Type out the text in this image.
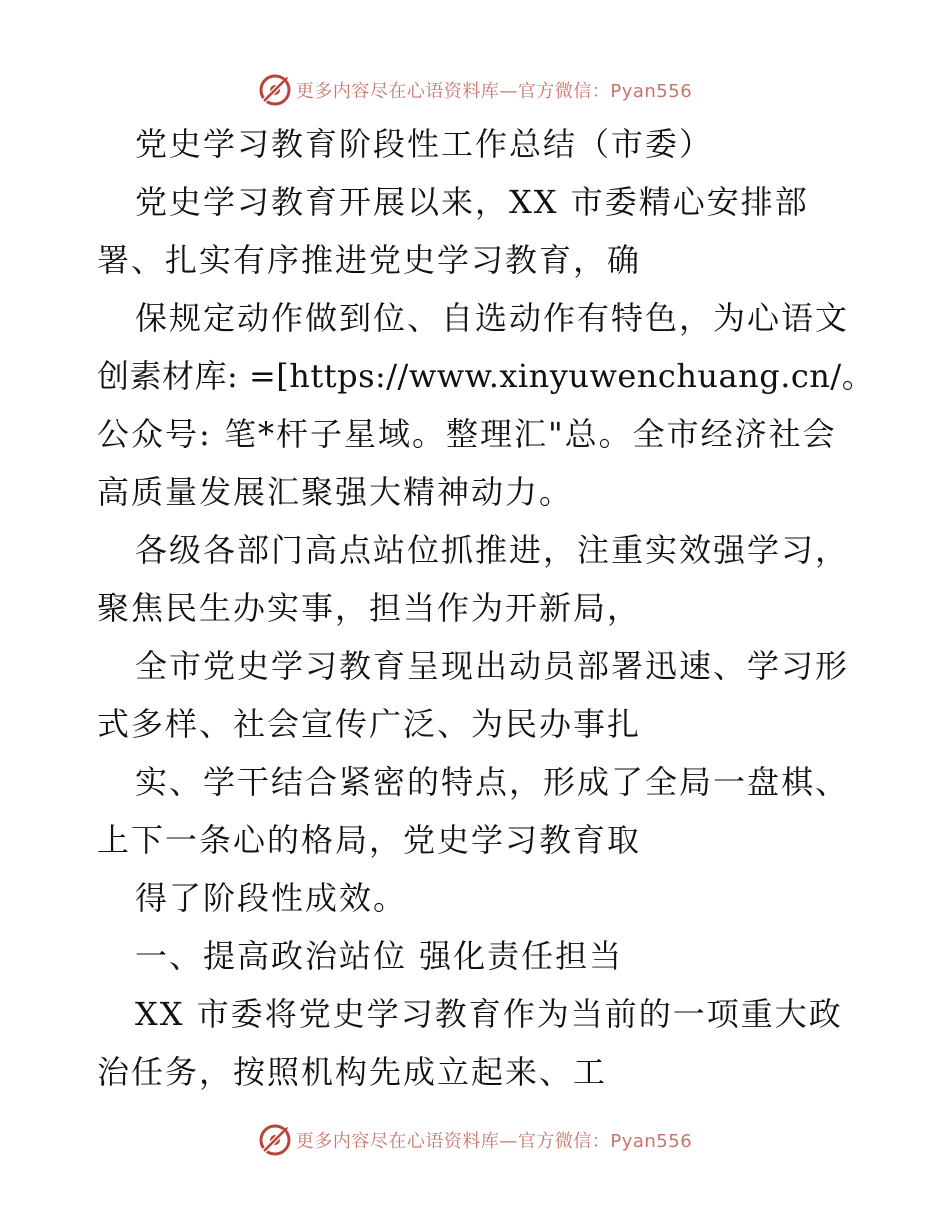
更多内容尽在心语资料库—官方微信：Pyan556
党史学习教育阶段性工作总结（市委）
党史学习教育开展以来，XX 市委精心安排部
署、扎实有序推进党史学习教育，确
保规定动作做到位、自选动作有特色，为心语文
创素材库: =[https://www.xinyuwenchuang.cn/。
公众号: 笔*杆子星域。整理汇"总。全市经济社会
高质量发展汇聚强大精神动力。
各级各部门高点站位抓推进，注重实效强学习，
聚焦民生办实事，担当作为开新局，
全市党史学习教育呈现出动员部署迅速、学习形
式多样、社会宣传广泛、为民办事扎
实、学干结合紧密的特点，形成了全局一盘棋、
上下一条心的格局，党史学习教育取
得了阶段性成效。
一、提高政治站位 强化责任担当
XX 市委将党史学习教育作为当前的一项重大政
治任务，按照机构先成立起来、工
更多内容尽在心语资料库—官方微信：Pyan556
